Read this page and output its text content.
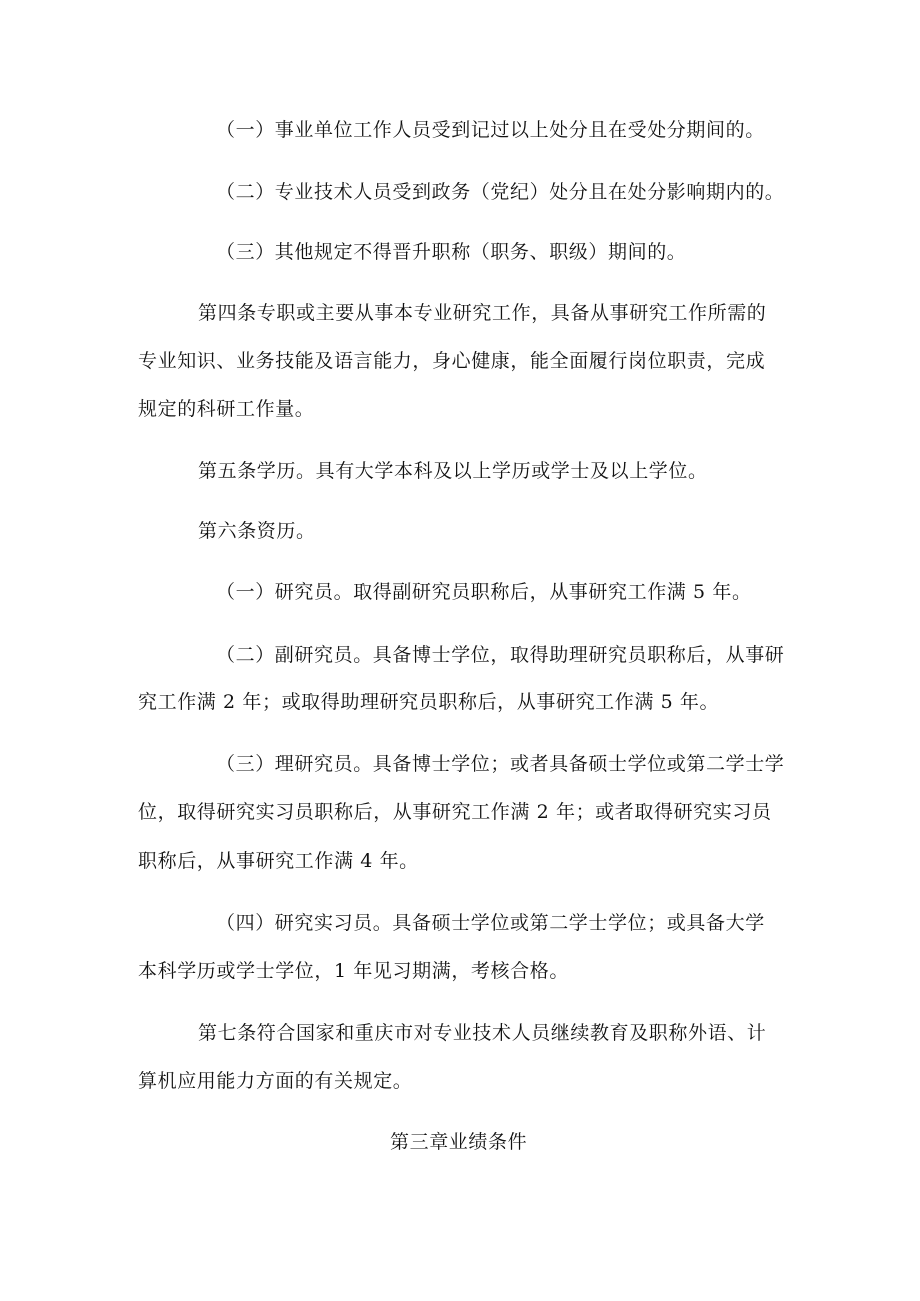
（一）事业单位工作人员受到记过以上处分且在受处分期间的。
（二）专业技术人员受到政务（党纪）处分且在处分影响期内的。
（三）其他规定不得晋升职称（职务、职级）期间的。
第四条专职或主要从事本专业研究工作，具备从事研究工作所需的
专业知识、业务技能及语言能力，身心健康，能全面履行岗位职责，完成
规定的科研工作量。
第五条学历。具有大学本科及以上学历或学士及以上学位。
第六条资历。
（一）研究员。取得副研究员职称后，从事研究工作满 5 年。
（二）副研究员。具备博士学位，取得助理研究员职称后，从事研
究工作满 2 年；或取得助理研究员职称后，从事研究工作满 5 年。
（三）理研究员。具备博士学位；或者具备硕士学位或第二学士学
位，取得研究实习员职称后，从事研究工作满 2 年；或者取得研究实习员
职称后，从事研究工作满 4 年。
（四）研究实习员。具备硕士学位或第二学士学位；或具备大学
本科学历或学士学位，1 年见习期满，考核合格。
第七条符合国家和重庆市对专业技术人员继续教育及职称外语、计
算机应用能力方面的有关规定。
第三章业绩条件
